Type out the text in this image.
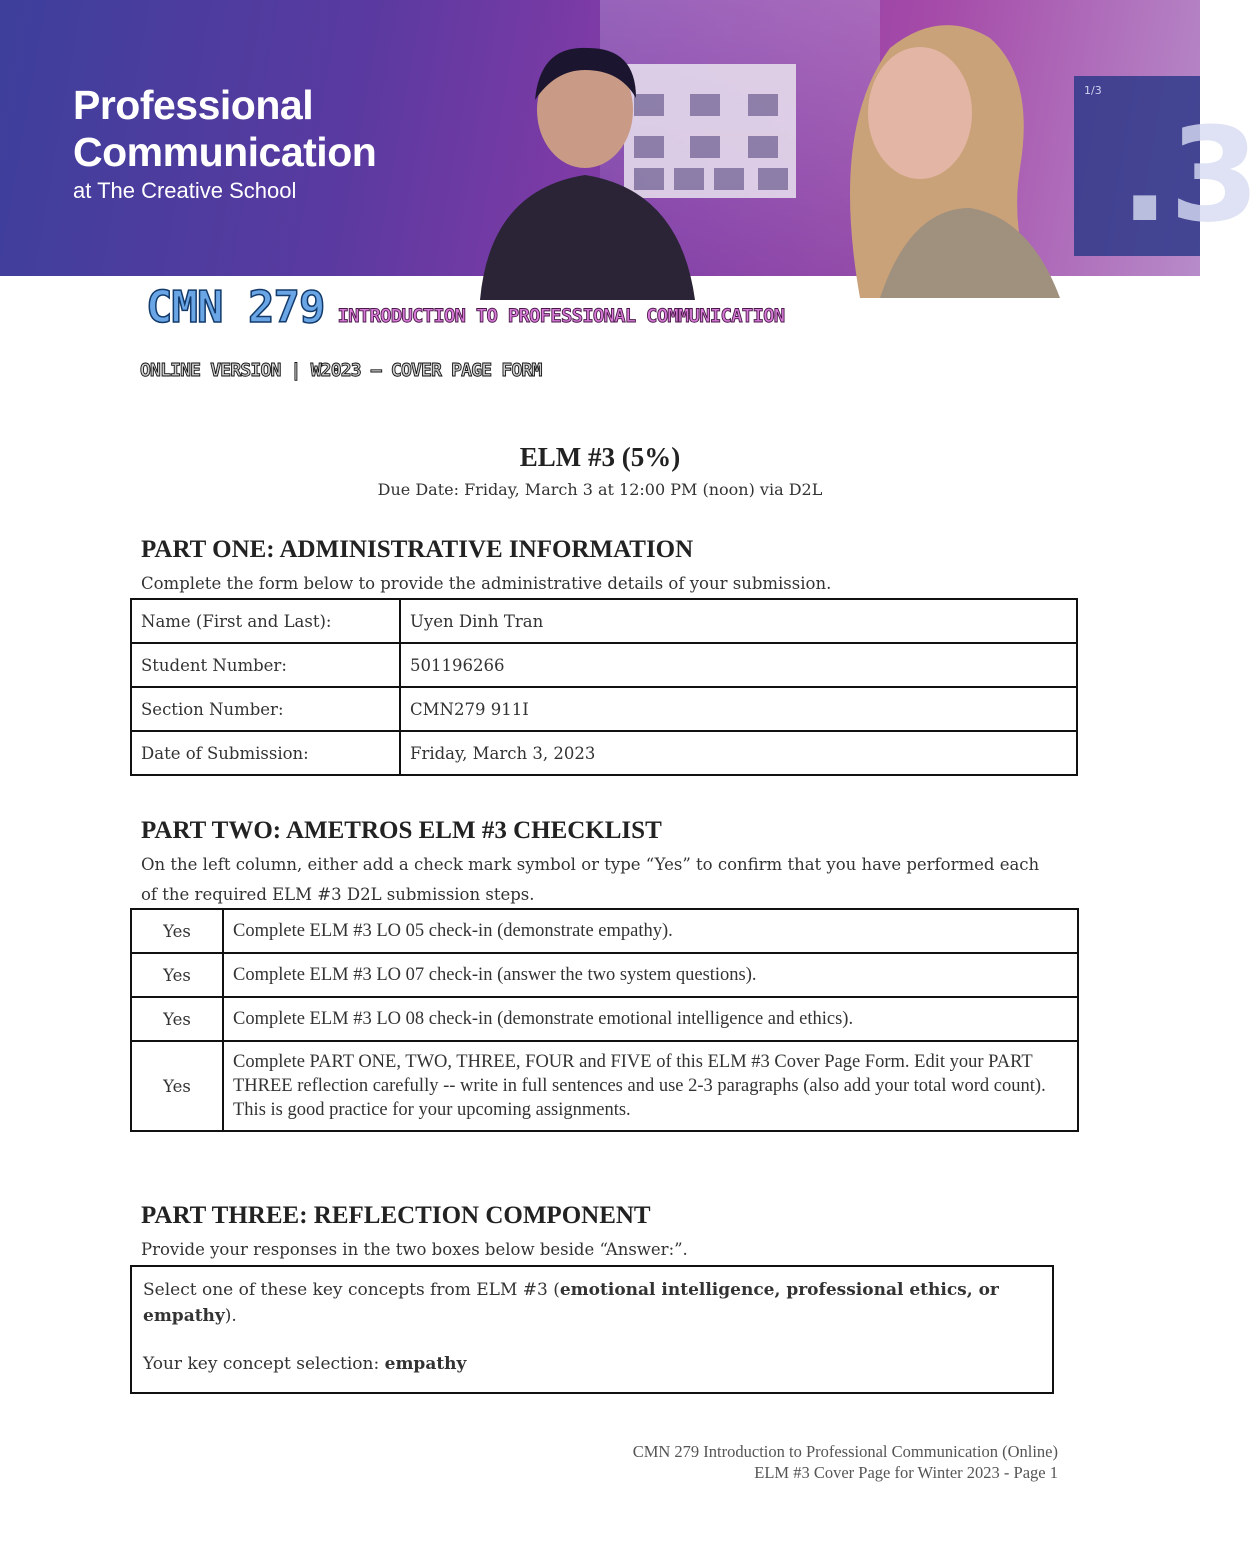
1/3
.3
Professional
Communication
at The Creative School
CMN 279 INTRODUCTION TO PROFESSIONAL COMMUNICATION
ONLINE VERSION | W2023 – COVER PAGE FORM
ELM #3 (5%)
Due Date: Friday, March 3 at 12:00 PM (noon) via D2L
PART ONE: ADMINISTRATIVE INFORMATION
Complete the form below to provide the administrative details of your submission.
Name (First and Last):	Uyen Dinh Tran
Student Number:	501196266
Section Number:	CMN279 911I
Date of Submission:	Friday, March 3, 2023
PART TWO: AMETROS ELM #3 CHECKLIST
On the left column, either add a check mark symbol or type “Yes” to confirm that you have performed each of the required ELM #3 D2L submission steps.
Yes	Complete ELM #3 LO 05 check-in (demonstrate empathy).
Yes	Complete ELM #3 LO 07 check-in (answer the two system questions).
Yes	Complete ELM #3 LO 08 check-in (demonstrate emotional intelligence and ethics).
Yes	Complete PART ONE, TWO, THREE, FOUR and FIVE of this ELM #3 Cover Page Form. Edit your PART THREE reflection carefully -- write in full sentences and use 2-3 paragraphs (also add your total word count). This is good practice for your upcoming assignments.
PART THREE: REFLECTION COMPONENT
Provide your responses in the two boxes below beside “Answer:”.
Select one of these key concepts from ELM #3 (emotional intelligence, professional ethics, or empathy).
Your key concept selection: empathy
CMN 279 Introduction to Professional Communication (Online)
ELM #3 Cover Page for Winter 2023 - Page 1
